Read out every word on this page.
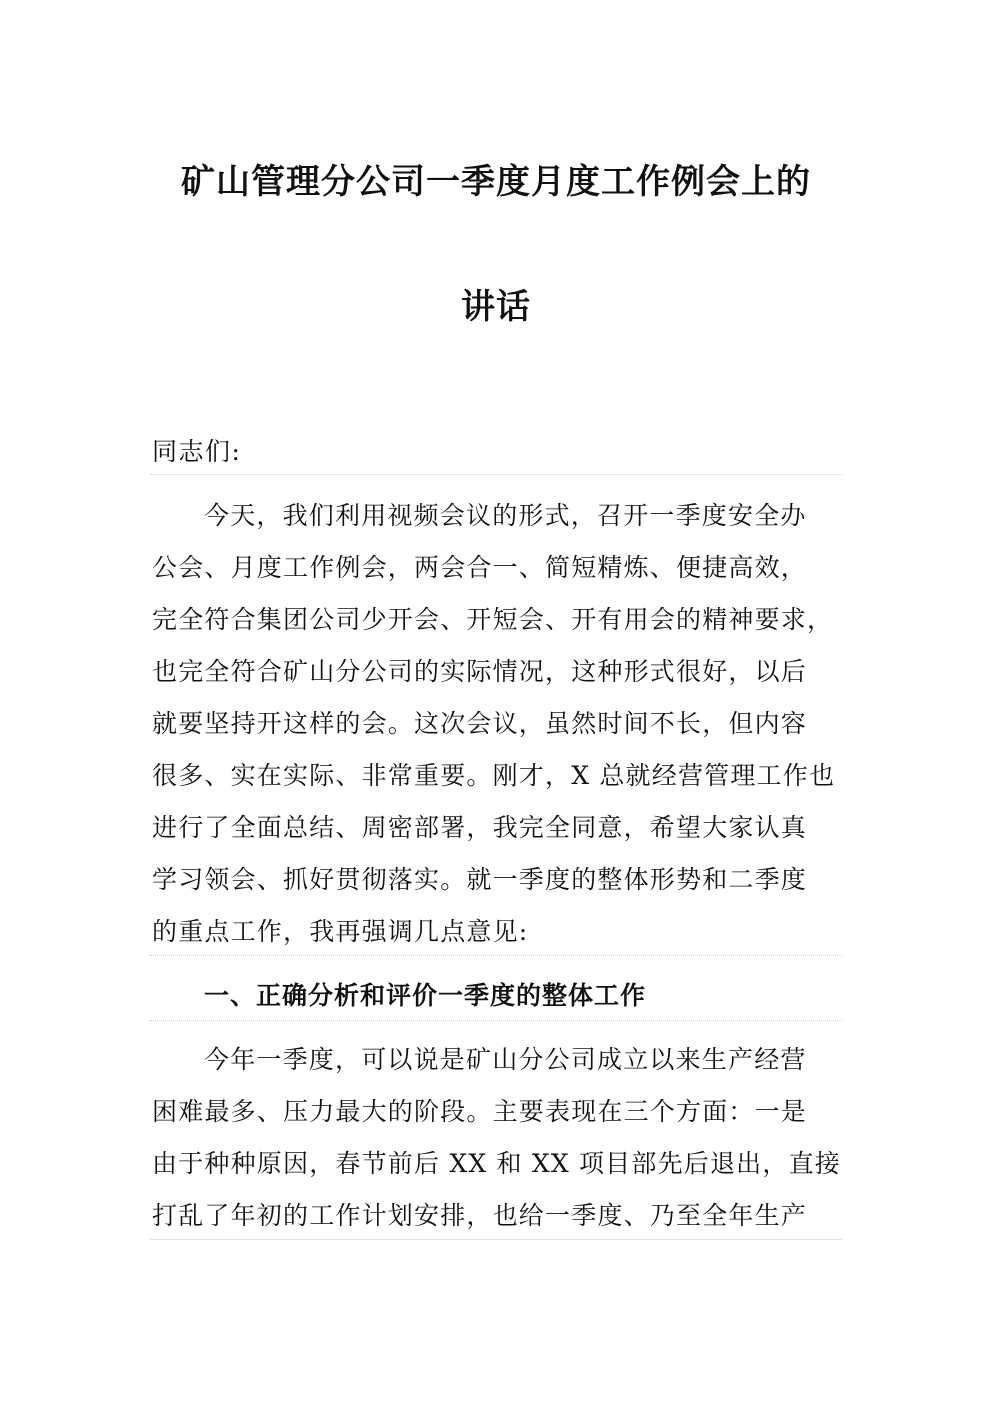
矿山管理分公司一季度月度工作例会上的
讲话
同志们:
今天，我们利用视频会议的形式，召开一季度安全办
公会、月度工作例会，两会合一、简短精炼、便捷高效，
完全符合集团公司少开会、开短会、开有用会的精神要求，
也完全符合矿山分公司的实际情况，这种形式很好，以后
就要坚持开这样的会。这次会议，虽然时间不长，但内容
很多、实在实际、非常重要。刚才，X 总就经营管理工作也
进行了全面总结、周密部署，我完全同意，希望大家认真
学习领会、抓好贯彻落实。就一季度的整体形势和二季度
的重点工作，我再强调几点意见:
一、正确分析和评价一季度的整体工作
今年一季度，可以说是矿山分公司成立以来生产经营
困难最多、压力最大的阶段。主要表现在三个方面：一是
由于种种原因，春节前后 XX 和 XX 项目部先后退出，直接
打乱了年初的工作计划安排，也给一季度、乃至全年生产
